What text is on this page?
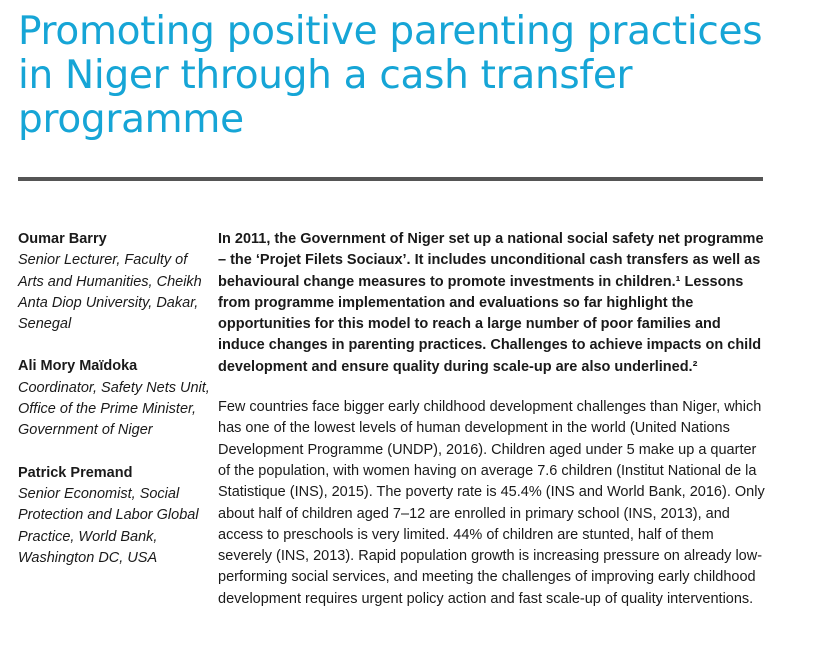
Promoting positive parenting practices in Niger through a cash transfer programme
Oumar Barry
Senior Lecturer, Faculty of Arts and Humanities, Cheikh Anta Diop University, Dakar, Senegal
Ali Mory Maïdoka
Coordinator, Safety Nets Unit, Office of the Prime Minister, Government of Niger
Patrick Premand
Senior Economist, Social Protection and Labor Global Practice, World Bank, Washington DC, USA

In 2011, the Government of Niger set up a national social safety net programme – the ‘Projet Filets Sociaux’. It includes unconditional cash transfers as well as behavioural change measures to promote investments in children.¹ Lessons from programme implementation and evaluations so far highlight the opportunities for this model to reach a large number of poor families and induce changes in parenting practices. Challenges to achieve impacts on child development and ensure quality during scale-up are also underlined.²

Few countries face bigger early childhood development challenges than Niger, which has one of the lowest levels of human development in the world (United Nations Development Programme (UNDP), 2016). Children aged under 5 make up a quarter of the population, with women having on average 7.6 children (Institut National de la Statistique (INS), 2015). The poverty rate is 45.4% (INS and World Bank, 2016). Only about half of children aged 7–12 are enrolled in primary school (INS, 2013), and access to preschools is very limited. 44% of children are stunted, half of them severely (INS, 2013). Rapid population growth is increasing pressure on already low-performing social services, and meeting the challenges of improving early childhood development requires urgent policy action and fast scale-up of quality interventions.
